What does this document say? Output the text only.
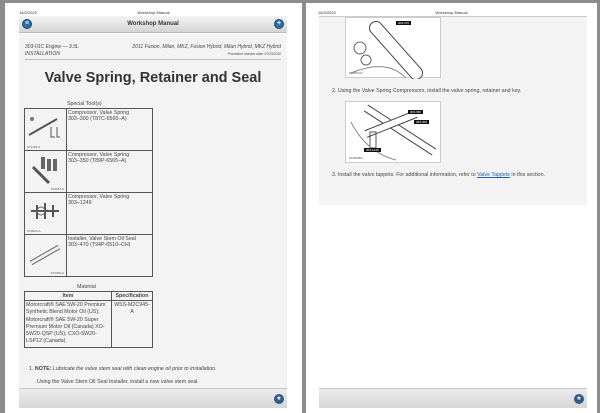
16/3/2020	Workshop Manual
≡	Workshop Manual	+
303-01C Engine — 3.5L
INSTALLATION
2011 Fusion, Milan, MKZ, Fusion Hybrid, Milan Hybrid, MKZ Hybrid
Procedure revision date: 07/23/2010
Valve Spring, Retainer and Seal
Special Tool(s)
ST1181-A	Compressor, Valve Spring
303–300 (T87C-6565–A)

ST1187-A	Compressor, Valve Spring
303–350 (T89P-6565–A)

ST0524-A	Compressor, Valve Spring
303–1249

ST1306-A	Installer, Valve Stem Oil Seal
303–470 (T94P-6510–CH)
Material
Item	Specification
Motorcraft® SAE 5W-20 Premium Synthetic Blend Motor Oil (US); Motorcraft® SAE 5W-20 Super Premium Motor Oil (Canada) XO-5W20-QSP (US); CXO-5W20-LSP12 (Canada)	WSS-M2C945-A
1. NOTE: Lubricate the valve stem seal with clean engine oil prior to installation.
Using the Valve Stem Oil Seal Installer, install a new valve stem seal.
★
16/3/2020	Workshop Manual
303-470
N0035417
2. Using the Valve Spring Compressors, install the valve spring, retainer and key.
303-350
303-300
303-1249
N0036854
3. Install the valve tappets. For additional information, refer to Valve Tappets in this section.
★
